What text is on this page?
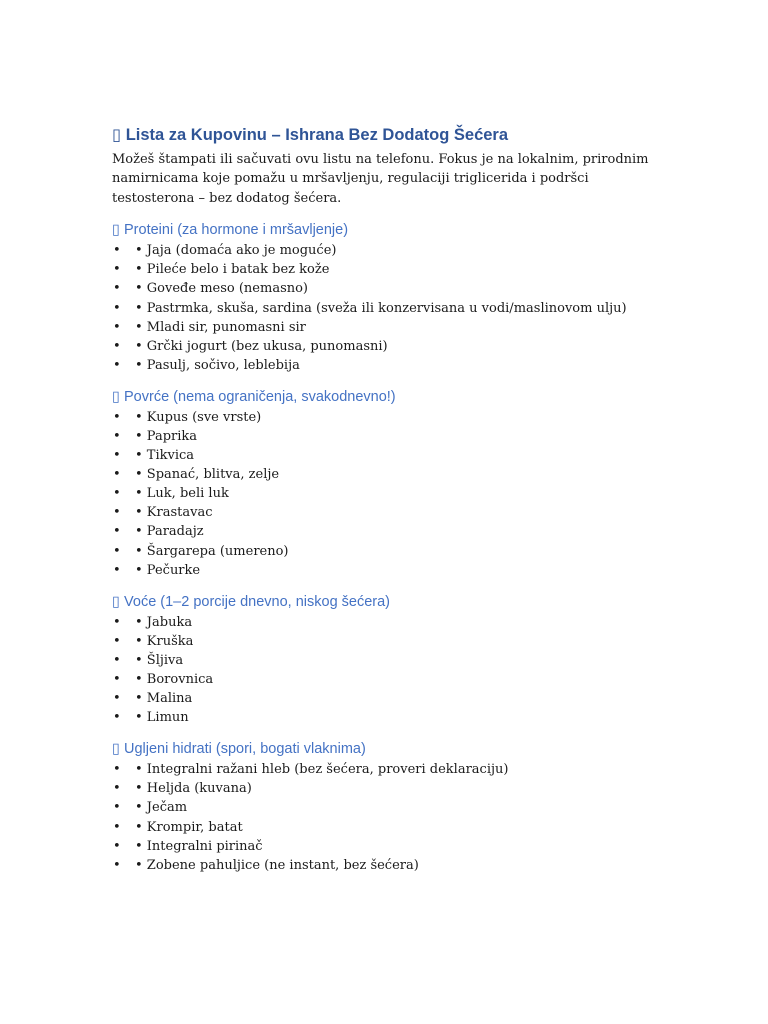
▯ Lista za Kupovinu – Ishrana Bez Dodatog Šećera

Možeš štampati ili sačuvati ovu listu na telefonu. Fokus je na lokalnim, prirodnim namirnicama koje pomažu u mršavljenju, regulaciji triglicerida i podršci testosterona – bez dodatog šećera.

▯ Proteini (za hormone i mršavljenje)
• • Jaja (domaća ako je moguće)
• • Pileće belo i batak bez kože
• • Goveđe meso (nemasno)
• • Pastrmka, skuša, sardina (sveža ili konzervisana u vodi/maslinovom ulju)
• • Mladi sir, punomasni sir
• • Grčki jogurt (bez ukusa, punomasni)
• • Pasulj, sočivo, leblebija
▯ Povrće (nema ograničenja, svakodnevno!)
• • Kupus (sve vrste)
• • Paprika
• • Tikvica
• • Spanać, blitva, zelje
• • Luk, beli luk
• • Krastavac
• • Paradajz
• • Šargarepa (umereno)
• • Pečurke
▯ Voće (1–2 porcije dnevno, niskog šećera)
• • Jabuka
• • Kruška
• • Šljiva
• • Borovnica
• • Malina
• • Limun
▯ Ugljeni hidrati (spori, bogati vlaknima)
• • Integralni ražani hleb (bez šećera, proveri deklaraciju)
• • Heljda (kuvana)
• • Ječam
• • Krompir, batat
• • Integralni pirinač
• • Zobene pahuljice (ne instant, bez šećera)
